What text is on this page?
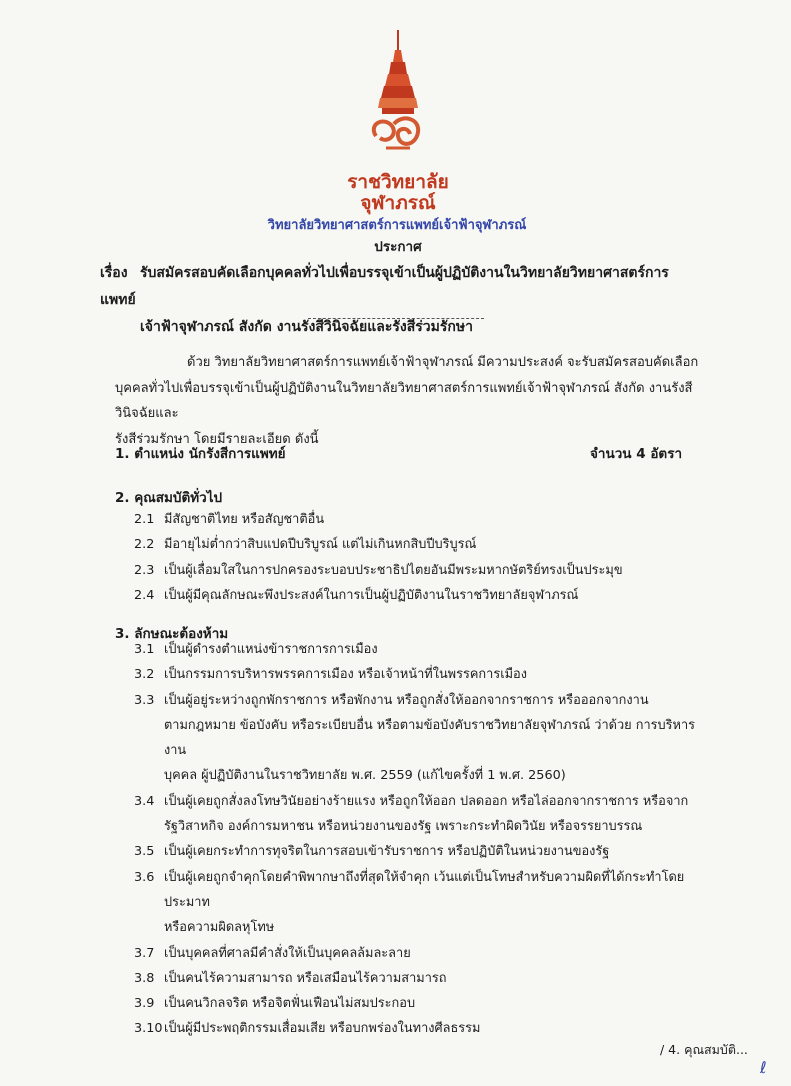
ราชวิทยาลัย
จุฬาภรณ์
วิทยาลัยวิทยาศาสตร์การแพทย์เจ้าฟ้าจุฬาภรณ์
ประกาศ
เรื่อง รับสมัครสอบคัดเลือกบุคคลทั่วไปเพื่อบรรจุเข้าเป็นผู้ปฏิบัติงานในวิทยาลัยวิทยาศาสตร์การแพทย์
เจ้าฟ้าจุฬาภรณ์ สังกัด งานรังสีวินิจฉัยและรังสีร่วมรักษา
ด้วย วิทยาลัยวิทยาศาสตร์การแพทย์เจ้าฟ้าจุฬาภรณ์ มีความประสงค์ จะรับสมัครสอบคัดเลือก
บุคคลทั่วไปเพื่อบรรจุเข้าเป็นผู้ปฏิบัติงานในวิทยาลัยวิทยาศาสตร์การแพทย์เจ้าฟ้าจุฬาภรณ์ สังกัด งานรังสีวินิจฉัยและ
รังสีร่วมรักษา โดยมีรายละเอียด ดังนี้
1. ตำแหน่ง นักรังสีการแพทย์	จำนวน 4 อัตรา
2. คุณสมบัติทั่วไป
2.1 มีสัญชาติไทย หรือสัญชาติอื่น
2.2 มีอายุไม่ต่ำกว่าสิบแปดปีบริบูรณ์ แต่ไม่เกินหกสิบปีบริบูรณ์
2.3 เป็นผู้เลื่อมใสในการปกครองระบอบประชาธิปไตยอันมีพระมหากษัตริย์ทรงเป็นประมุข
2.4 เป็นผู้มีคุณลักษณะพึงประสงค์ในการเป็นผู้ปฏิบัติงานในราชวิทยาลัยจุฬาภรณ์
3. ลักษณะต้องห้าม
3.1 เป็นผู้ดำรงตำแหน่งข้าราชการการเมือง
3.2 เป็นกรรมการบริหารพรรคการเมือง หรือเจ้าหน้าที่ในพรรคการเมือง
3.3 เป็นผู้อยู่ระหว่างถูกพักราชการ หรือพักงาน หรือถูกสั่งให้ออกจากราชการ หรือออกจากงาน
ตามกฎหมาย ข้อบังคับ หรือระเบียบอื่น หรือตามข้อบังคับราชวิทยาลัยจุฬาภรณ์ ว่าด้วย การบริหารงาน
บุคคล ผู้ปฏิบัติงานในราชวิทยาลัย พ.ศ. 2559 (แก้ไขครั้งที่ 1 พ.ศ. 2560)
3.4 เป็นผู้เคยถูกสั่งลงโทษวินัยอย่างร้ายแรง หรือถูกให้ออก ปลดออก หรือไล่ออกจากราชการ หรือจาก
รัฐวิสาหกิจ องค์การมหาชน หรือหน่วยงานของรัฐ เพราะกระทำผิดวินัย หรือจรรยาบรรณ
3.5 เป็นผู้เคยกระทำการทุจริตในการสอบเข้ารับราชการ หรือปฏิบัติในหน่วยงานของรัฐ
3.6 เป็นผู้เคยถูกจำคุกโดยคำพิพากษาถึงที่สุดให้จำคุก เว้นแต่เป็นโทษสำหรับความผิดที่ได้กระทำโดยประมาท
หรือความผิดลหุโทษ
3.7 เป็นบุคคลที่ศาลมีคำสั่งให้เป็นบุคคลล้มละลาย
3.8 เป็นคนไร้ความสามารถ หรือเสมือนไร้ความสามารถ
3.9 เป็นคนวิกลจริต หรือจิตฟั่นเฟือนไม่สมประกอบ
3.10 เป็นผู้มีประพฤติกรรมเสื่อมเสีย หรือบกพร่องในทางศีลธรรม
/ 4. คุณสมบัติ...
ℓ
